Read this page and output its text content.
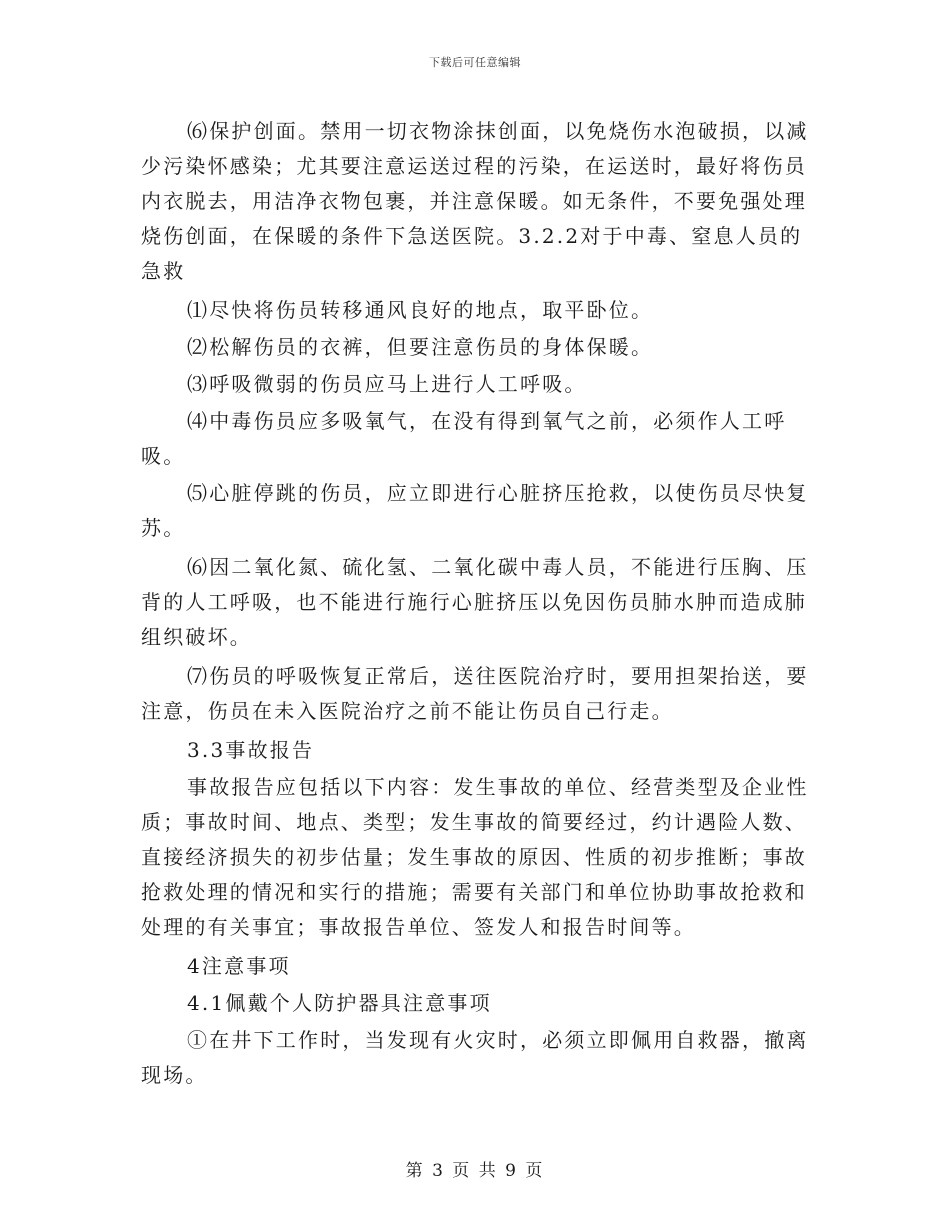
下载后可任意编辑

⑹保护创面。禁用一切衣物涂抹创面，以免烧伤水泡破损，以减少污染怀感染；尤其要注意运送过程的污染，在运送时，最好将伤员内衣脱去，用洁净衣物包裹，并注意保暖。如无条件，不要免强处理烧伤创面，在保暖的条件下急送医院。3.2.2对于中毒、窒息人员的急救

⑴尽快将伤员转移通风良好的地点，取平卧位。

⑵松解伤员的衣裤，但要注意伤员的身体保暖。

⑶呼吸微弱的伤员应马上进行人工呼吸。

⑷中毒伤员应多吸氧气，在没有得到氧气之前，必须作人工呼吸。

⑸心脏停跳的伤员，应立即进行心脏挤压抢救，以使伤员尽快复苏。

⑹因二氧化氮、硫化氢、二氧化碳中毒人员，不能进行压胸、压背的人工呼吸，也不能进行施行心脏挤压以免因伤员肺水肿而造成肺组织破坏。

⑺伤员的呼吸恢复正常后，送往医院治疗时，要用担架抬送，要注意，伤员在未入医院治疗之前不能让伤员自己行走。

3.3事故报告

事故报告应包括以下内容：发生事故的单位、经营类型及企业性质；事故时间、地点、类型；发生事故的简要经过，约计遇险人数、直接经济损失的初步估量；发生事故的原因、性质的初步推断；事故抢救处理的情况和实行的措施；需要有关部门和单位协助事故抢救和处理的有关事宜；事故报告单位、签发人和报告时间等。

4注意事项

4.1佩戴个人防护器具注意事项

①在井下工作时，当发现有火灾时，必须立即佩用自救器，撤离现场。

第 3 页 共 9 页
